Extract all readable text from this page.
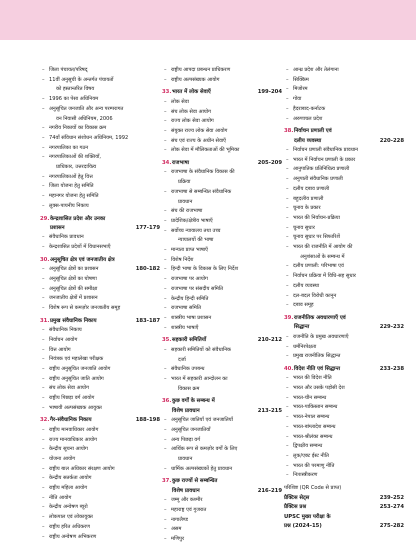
– जिला पंचायत/परिषद्
– 11वीं अनुसूची के अन्तर्गत पंचायतों
को हस्तान्तरित विषय
– 1996 का पेसा अधिनियम
– अनुसूचित जनजाति और अन्य परम्परागत
वन निवासी अधिनियम, 2006
– नगरीय निकायों का विकास क्रम
– 74वाँ संविधान संशोधन अधिनियम, 1992
– नगरपालिका का गठन
– नगरपालिकाओं की शक्तियाँ,
प्राधिकार, उत्तरदायित्व
– नगरपालिकाओं हेतु वित्त
– जिला योजना हेतु समिति
– महानगर योजना हेतु समिति
– लुक्स-पायनीय निकाय
29. केन्द्रशासित प्रदेश और उनका
प्रशासन	177-179
– संवैधानिक प्रावधान
– केन्द्रशासित प्रदेशों में विधानसभाएँ
30. अनुसूचित क्षेत्र एवं जनजातीय क्षेत्र
180-182
– अनुसूचित क्षेत्रों का प्रशासन
– अनुसूचित क्षेत्रों का घोषणा
– अनुसूचित क्षेत्रों की समीक्षा
– जनजातीय क्षेत्रों में प्रशासन
– विशेष रूप से कमज़ोर जनजातीय समूह
31. प्रमुख संवैधानिक निकाय	183-187
– संवैधानिक निकाय
– निर्वाचन आयोग
– वित्त आयोग
– नियंत्रक एवं महालेखा परीक्षक
– राष्ट्रीय अनुसूचित जनजाति आयोग
– राष्ट्रीय अनुसूचित जाति आयोग
– संघ लोक सेवा आयोग
– राष्ट्रीय पिछड़ा वर्ग आयोग
– भाषायी अल्पसंख्यक आयुक्त
32. गैर-संवैधानिक निकाय	188-198
– राष्ट्रीय मानवाधिकार आयोग
– राज्य मानवाधिकार आयोग
– केन्द्रीय सूचना आयोग
– योजना आयोग
– राष्ट्रीय बाल अधिकार संरक्षण आयोग
– केन्द्रीय सतर्कता आयोग
– राष्ट्रीय महिला आयोग
– नीति आयोग
– केन्द्रीय अन्वेषण ब्यूरो
– लोकपाल एवं लोकायुक्त
– राष्ट्रीय हरित अधिकरण
– राष्ट्रीय अन्वेषण अभिकरण
– राष्ट्रीय आपदा प्रबन्धन प्राधिकरण
– राष्ट्रीय अल्पसंख्यक आयोग
33. भारत में लोक सेवाएँ	199-204
– लोक सेवा
– संघ लोक सेवा आयोग
– राज्य लोक सेवा आयोग
– संयुक्त राज्य लोक सेवा आयोग
– संघ एवं राज्य के अधीन सेवाएँ
– लोक सेवा में मौलिकताओं की भूमिका
34. राजभाषा	205-209
– राजभाषा के संवैधानिक विकास की
प्रक्रिया
– राजभाषा से सम्बन्धित संवैधानिक
प्रावधान
– संघ की राजभाषा
– प्रादेशिक/क्षेत्रीय भाषाएँ
– सर्वोच्च न्यायालय तथा उच्च
न्यायालयों की भाषा
– मान्यता प्राप्त भाषाएँ
– विशेष निर्देश
– हिन्दी भाषा के विकास के लिए निर्देश
– राजभाषा पर आयोग
– राजभाषा पर संसदीय समिति
– केन्द्रीय हिन्दी समिति
– राजभाषा समिति
– शास्त्रीय भाषा प्रशासन
– शास्त्रीय भाषाएँ
35. सहकारी समितियाँ	210-212
– सहकारी समितियों को संवैधानिक
दर्जा
– संवैधानिक उपबन्ध
– भारत में सहकारी आन्दोलन का
विकास क्रम
36. कुछ वर्गों के सम्बन्ध में
विशेष प्रावधान	213-215
– अनुसूचित जातियाँ एवं जनजातियाँ
– अनुसूचित जनजातियाँ
– अन्य पिछड़ा वर्ग
– आर्थिक रूप से कमज़ोर वर्गों के लिए
प्रावधान
– धार्मिक अल्पसंख्यकों हेतु प्रावधान
37. कुछ राज्यों से सम्बन्धित
विशेष प्रावधान	216-219
– जम्मू और कश्मीर
– महाराष्ट्र एवं गुजरात
– नागालैण्ड
– असम
– मणिपुर
– आन्ध्र प्रदेश और तेलंगाना
– सिक्किम
– मिजोरम
– गोवा
– हैदराबाद-कर्नाटक
– अरुणाचल प्रदेश
38. निर्वाचन प्रणाली एवं
दलीय व्यवस्था	220-228
– निर्वाचन प्रणाली संवैधानिक प्रावधान
– भारत में निर्वाचन प्रणाली के प्रकार
– आनुपातिक प्रतिनिधित्व प्रणाली
– अनुपाती संवैधानिक प्रणाली
– दलीय दबाव प्रणाली
– बहुदलीय प्रणाली
– चुनाव के प्रकार
– भारत की निर्वाचन-प्रक्रिया
– चुनाव सुधार
– चुनाव सुधार पर सिफारिशें
– भारत की राजनीति में आयोग की
अनुशंसाओं के सम्बन्ध में
– दलीय प्रणाली: परिभाषा एवं
– निर्वाचन प्रक्रिया में विधि-सह सुधार
– दलीय व्यवस्था
– दल-बदल विरोधी कानून
– दबाव समूह
39. राजनीतिक अवधारणाएँ एवं
सिद्धान्त	229-232
– राजनीति के प्रमुख अवधारणाएँ
– धर्मनिरपेक्षता
– प्रमुख राजनीतिक सिद्धान्त
40. विदेश नीति एवं सिद्धान्त	233-238
– भारत की विदेश नीति
– भारत और उसके पड़ोसी देश
– भारत-चीन सम्बन्ध
– भारत-पाकिस्तान सम्बन्ध
– भारत-नेपाल सम्बन्ध
– भारत-बांग्लादेश सम्बन्ध
– भारत-श्रीलंका सम्बन्ध
– द्विपक्षीय सम्बन्ध
– लुक/एक्ट ईस्ट नीति
– भारत की परमाणु नीति
– निःशस्त्रीकरण
परिशिष्ट (QR Code से प्राप्त)
प्रैक्टिस सेट्स	239-252
प्रैक्टिस प्रश्न	253-274
UPSC मुख्य परीक्षा के
प्रश्न (2024-15)	275-282
